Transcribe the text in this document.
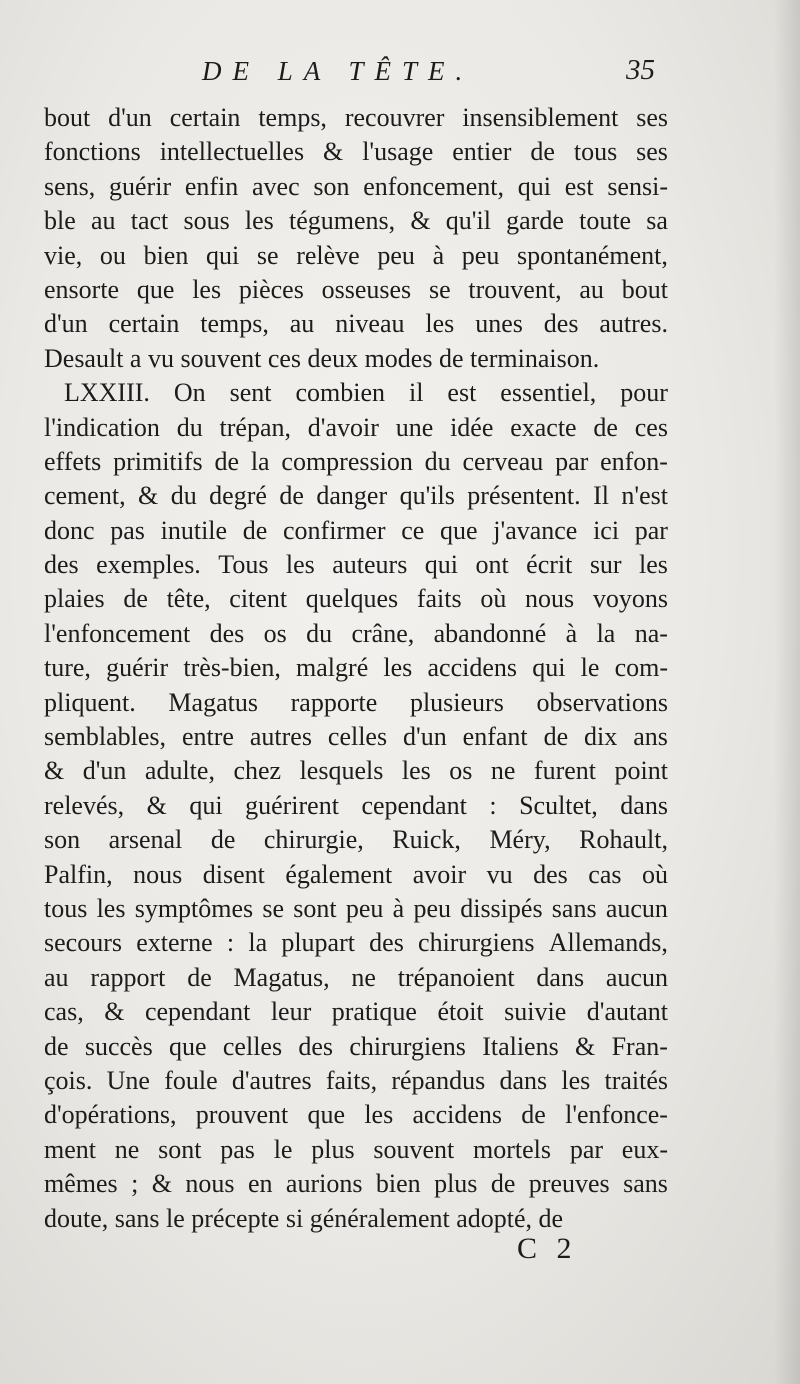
DE LA TÊTE.	35
bout d'un certain temps, recouvrer insensiblement ses
fonctions intellectuelles & l'usage entier de tous ses
sens, guérir enfin avec son enfoncement, qui est sensi-
ble au tact sous les tégumens, & qu'il garde toute sa
vie, ou bien qui se relève peu à peu spontanément,
ensorte que les pièces osseuses se trouvent, au bout
d'un certain temps, au niveau les unes des autres.
Desault a vu souvent ces deux modes de terminaison.
LXXIII. On sent combien il est essentiel, pour
l'indication du trépan, d'avoir une idée exacte de ces
effets primitifs de la compression du cerveau par enfon-
cement, & du degré de danger qu'ils présentent. Il n'est
donc pas inutile de confirmer ce que j'avance ici par
des exemples. Tous les auteurs qui ont écrit sur les
plaies de tête, citent quelques faits où nous voyons
l'enfoncement des os du crâne, abandonné à la na-
ture, guérir très-bien, malgré les accidens qui le com-
pliquent. Magatus rapporte plusieurs observations
semblables, entre autres celles d'un enfant de dix ans
& d'un adulte, chez lesquels les os ne furent point
relevés, & qui guérirent cependant : Scultet, dans
son arsenal de chirurgie, Ruick, Méry, Rohault,
Palfin, nous disent également avoir vu des cas où
tous les symptômes se sont peu à peu dissipés sans aucun
secours externe : la plupart des chirurgiens Allemands,
au rapport de Magatus, ne trépanoient dans aucun
cas, & cependant leur pratique étoit suivie d'autant
de succès que celles des chirurgiens Italiens & Fran-
çois. Une foule d'autres faits, répandus dans les traités
d'opérations, prouvent que les accidens de l'enfonce-
ment ne sont pas le plus souvent mortels par eux-
mêmes ; & nous en aurions bien plus de preuves sans
doute, sans le précepte si généralement adopté, de
C 2
